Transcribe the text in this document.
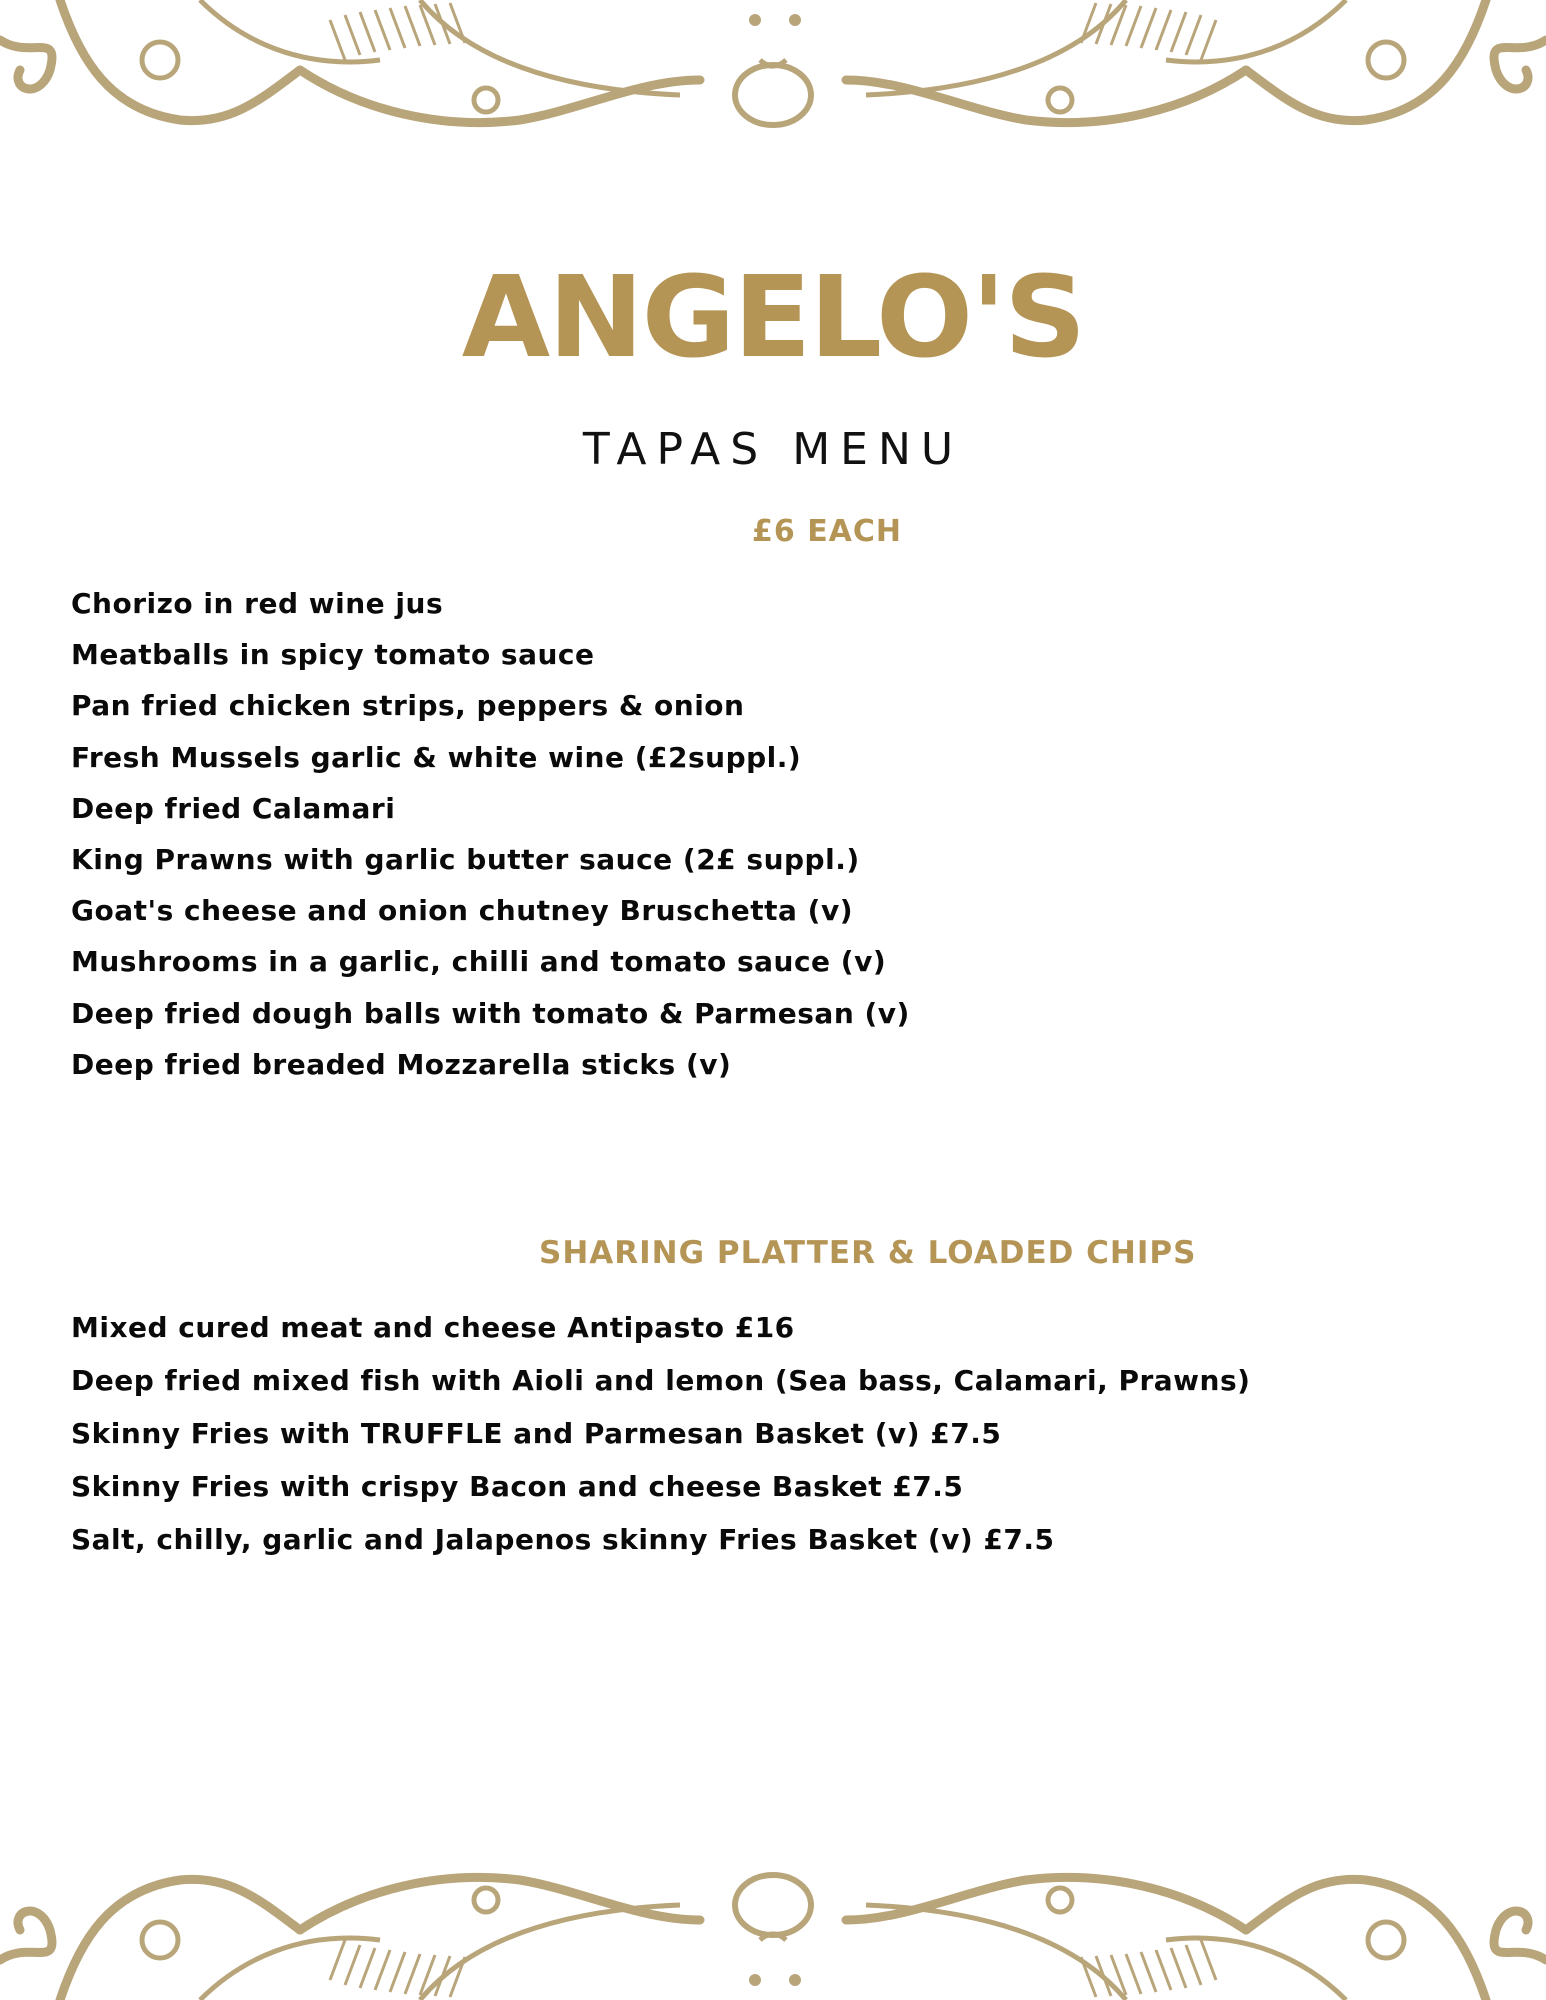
ANGELO'S
TAPAS MENU
£6 EACH
Chorizo in red wine jus
Meatballs in spicy tomato sauce
Pan fried chicken strips, peppers & onion
Fresh Mussels garlic & white wine (£2suppl.)
Deep fried Calamari
King Prawns with garlic butter sauce (2£ suppl.)
Goat's cheese and onion chutney Bruschetta (v)
Mushrooms in a garlic, chilli and tomato sauce (v)
Deep fried dough balls with tomato & Parmesan (v)
Deep fried breaded Mozzarella sticks (v)
SHARING PLATTER & LOADED CHIPS
Mixed cured meat and cheese Antipasto £16
Deep fried mixed fish with Aioli and lemon (Sea bass, Calamari, Prawns)
Skinny Fries with TRUFFLE and Parmesan Basket (v) £7.5
Skinny Fries with crispy Bacon and cheese Basket £7.5
Salt, chilly, garlic and Jalapenos skinny Fries Basket (v) £7.5
